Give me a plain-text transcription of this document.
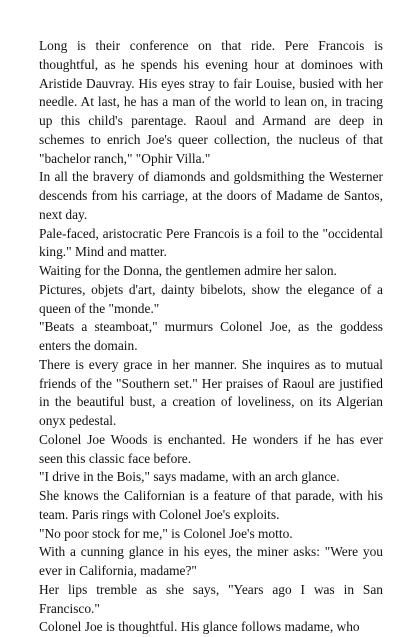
Long is their conference on that ride. Pere Francois is thoughtful, as he spends his evening hour at dominoes with Aristide Dauvray. His eyes stray to fair Louise, busied with her needle. At last, he has a man of the world to lean on, in tracing up this child's parentage. Raoul and Armand are deep in schemes to enrich Joe's queer collection, the nucleus of that "bachelor ranch," "Ophir Villa."

In all the bravery of diamonds and goldsmithing the Westerner descends from his carriage, at the doors of Madame de Santos, next day.

Pale-faced, aristocratic Pere Francois is a foil to the "occidental king." Mind and matter.

Waiting for the Donna, the gentlemen admire her salon.

Pictures, objets d'art, dainty bibelots, show the elegance of a queen of the "monde."

"Beats a steamboat," murmurs Colonel Joe, as the goddess enters the domain.

There is every grace in her manner. She inquires as to mutual friends of the "Southern set." Her praises of Raoul are justified in the beautiful bust, a creation of loveliness, on its Algerian onyx pedestal.

Colonel Joe Woods is enchanted. He wonders if he has ever seen this classic face before.

"I drive in the Bois," says madame, with an arch glance.

She knows the Californian is a feature of that parade, with his team. Paris rings with Colonel Joe's exploits.

"No poor stock for me," is Colonel Joe's motto.

With a cunning glance in his eyes, the miner asks: "Were you ever in California, madame?"

Her lips tremble as she says, "Years ago I was in San Francisco."

Colonel Joe is thoughtful. His glance follows madame, who
